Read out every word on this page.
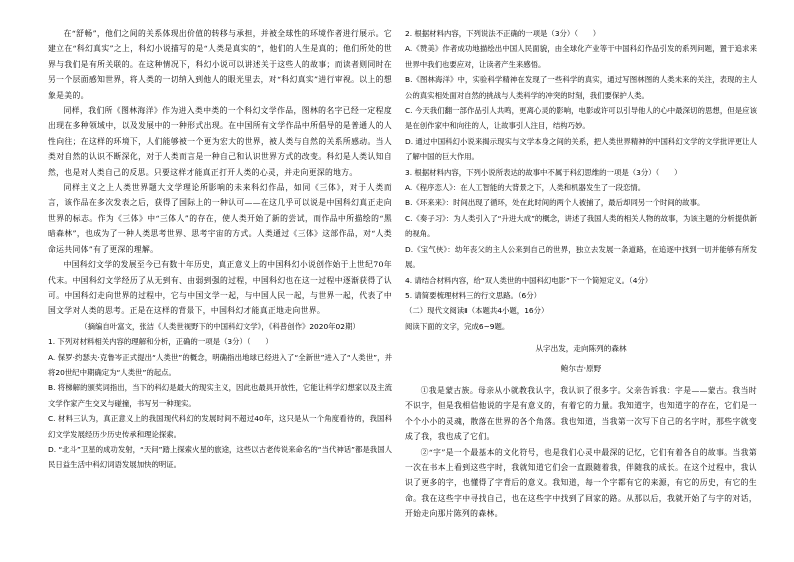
在“舒畅”，他们之间的关系体现出价值的转移与承担，并被全球性的环境作者进行展示。它建立在“科幻真实”之上，科幻小说描写的是“人类是真实的”，他们的人生是真的；他们所处的世界与我们是有所关联的。在这种情况下，科幻小说可以讲述关于这些人的故事；而读者则同时在另一个层面感知世界，将人类的一切纳入到他人的眼光里去，对“科幻真实”进行审视。以上的想象是美的。

同样，我们所《图林海洋》作为进入类中类的一个科幻文学作品，图林的名字已经一定程度出现在多种领域中，以及发展中的一种形式出现。在中国所有文学作品中所倡导的是普通人的人性向往；在这样的环境下，人们能够被一个更为宏大的世界，被人类与自然的关系所感动。当人类对自然的认识不断深化，对于人类而言是一种自己和认识世界方式的改变。科幻是人类认知自然，也是对人类自己的反思。只要这样才能真正打开人类的心灵，并走向更深的地方。

同样主义之上人类世界题大文学理论所影响的未来科幻作品，如同《三体》，对于人类而言，该作品在多次发表之后，获得了国际上的一种认可——在这几乎可以说是中国科幻真正走向世界的标志。作为《三体》中“三体人”的存在，使人类开始了新的尝试，而作品中所描绘的“黑暗森林”，也成为了一种人类思考世界、思考宇宙的方式。人类通过《三体》这部作品，对“人类命运共同体”有了更深的理解。

中国科幻文学的发展至今已有数十年历史，真正意义上的中国科幻小说创作始于上世纪70年代末。中国科幻文学经历了从无到有、由弱到强的过程，中国科幻也在这一过程中逐渐获得了认可。中国科幻走向世界的过程中，它与中国文学一起，与中国人民一起，与世界一起，代表了中国文学对人类的思考。正是在这样的背景下，中国科幻才能真正地走向世界。

（摘编自叶富文，张洁《人类世视野下的中国科幻文学》，《科普创作》2020年02期）

1. 下列对材料相关内容的理解和分析，正确的一项是（3分）（　　）

A. 保罗·约瑟夫·克鲁岑正式提出“人类世”的概念，明确指出地球已经进入了“全新世”进入了“人类世”，并将20世纪中期确定为“人类世”的起点。

B. 将梯解的颁奖词指出，当下的科幻是最大的现实主义，因此也最具开放性，它能让科学幻想家以及主流文学作家产生交叉与碰撞，书写另一种现实。

C. 材料三认为，真正意义上的我国现代科幻的发展时间不超过40年，这只是从一个角度看待的，我国科幻文学发展经历少历史传承和理论探索。

D. “北斗”卫星的成功发射，“天问”踏上探索火星的旅途，这些以古老传说来命名的“当代神话”都是我国人民日益生活中科幻词语发展加快的明证。

2. 根据材料内容，下列说法不正确的一项是（3分）（　　）

A.《赞美》作者成功地描绘出中国人民面貌，由全球化产业等干中国科幻作品引发的系列问题，置于追求来世界中我们也要应对，让读者产生来感悟。

B.《图林海洋》中，实验科学精神在发现了一些科学的真实，通过写图林图的人类未来的关注，表现的主人公的真实相处面对自然的挑战与人类科学的冲突的时刻，我们要保护人类。

C. 今天我们翻一部作品引人共鸣，更离心灵的影响，电影或许可以引导他人的心中最深切的思想，但是应该是在创作家中和向往的人，让故事引人注目，结构巧妙。

D. 通过中国科幻小说来揭示现实与文学本身之间的关系，把人类世界精神的中国科幻文学的文学批评更让人了解中国的巨大作用。

3. 根据材料内容，下列小说所表达的故事中不属于科幻思维的一项是（3分）（　　）

A.《程序恋人》：在人工智能的大背景之下，人类和机器发生了一段恋情。

B.《环来来》：时间出现了循环，处在此时间的两个人被捕了，最后却同另一个时间的故事。

C.《奏子习》：为人类引入了“升进大成”的概念，讲述了我国人类的相关人物的故事，为该主题的分析提供新的视角。

D.《宝气侠》：幼年丧父的主人公来到自己的世界，独立去发展一条道路，在追逐中找到一切并能够有所发展。

4. 请结合材料内容，给“双人类世的中国科幻电影”下一个简短定义。（4分）

5. 请简要梳理材料三的行文思路。（6分）

（二）现代文阅读Ⅱ（本题共4小题，16分）

阅读下面的文字，完成6~9题。

从字出发，走向陈列的森林

鲍尔吉·原野

①我是蒙古族。母亲从小就教我认字，我认识了很多字。父亲告诉我：字是——蒙古。我当时不识字，但是我相信他说的字是有意义的，有着它的力量。我知道字，也知道字的存在，它们是一个个小小的灵魂，散落在世界的各个角落。我也知道，当我第一次写下自己的名字时，那些字就变成了我，我也成了它们。

②“字”是一个最基本的文化符号，也是我们心灵中最深的记忆，它们有着各自的故事。当我第一次在书本上看到这些字时，我就知道它们会一直跟随着我，伴随我的成长。在这个过程中，我认识了更多的字，也懂得了字背后的意义。我知道，每一个字都有它的来源，有它的历史，有它的生命。我在这些字中寻找自己，也在这些字中找到了回家的路。从那以后，我就开始了与字的对话，开始走向那片陈列的森林。
